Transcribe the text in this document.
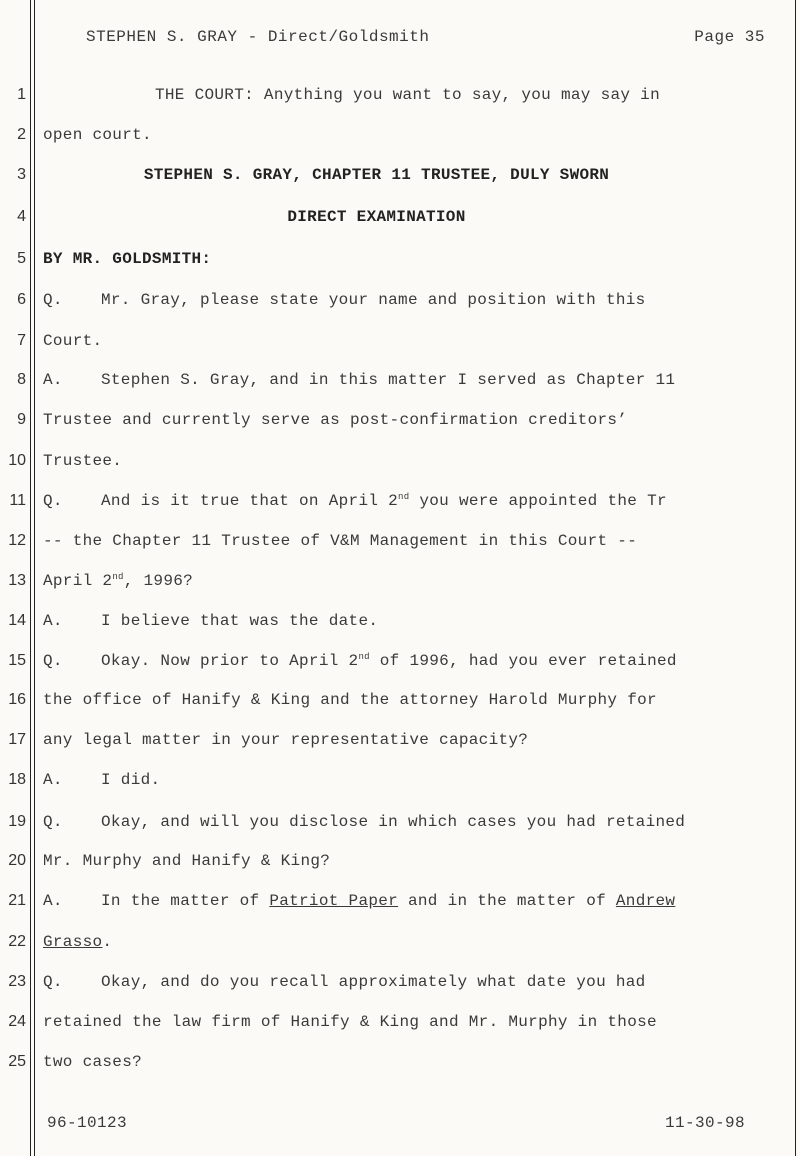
STEPHEN S. GRAY - Direct/Goldsmith	Page 35
1
2
3
4
5
6
7
8
9
10
11
12
13
14
15
16
17
18
19
20
21
22
23
24
25
THE COURT: Anything you want to say, you may say in
open court.
STEPHEN S. GRAY, CHAPTER 11 TRUSTEE, DULY SWORN
DIRECT EXAMINATION
BY MR. GOLDSMITH:
Q. Mr. Gray, please state your name and position with this
Court.
A. Stephen S. Gray, and in this matter I served as Chapter 11
Trustee and currently serve as post-confirmation creditors’
Trustee.
Q. And is it true that on April 2nd you were appointed the Tr
-- the Chapter 11 Trustee of V&M Management in this Court --
April 2nd, 1996?
A. I believe that was the date.
Q. Okay. Now prior to April 2nd of 1996, had you ever retained
the office of Hanify & King and the attorney Harold Murphy for
any legal matter in your representative capacity?
A. I did.
Q. Okay, and will you disclose in which cases you had retained
Mr. Murphy and Hanify & King?
A. In the matter of Patriot Paper and in the matter of Andrew
Grasso.
Q. Okay, and do you recall approximately what date you had
retained the law firm of Hanify & King and Mr. Murphy in those
two cases?
96-10123	11-30-98
